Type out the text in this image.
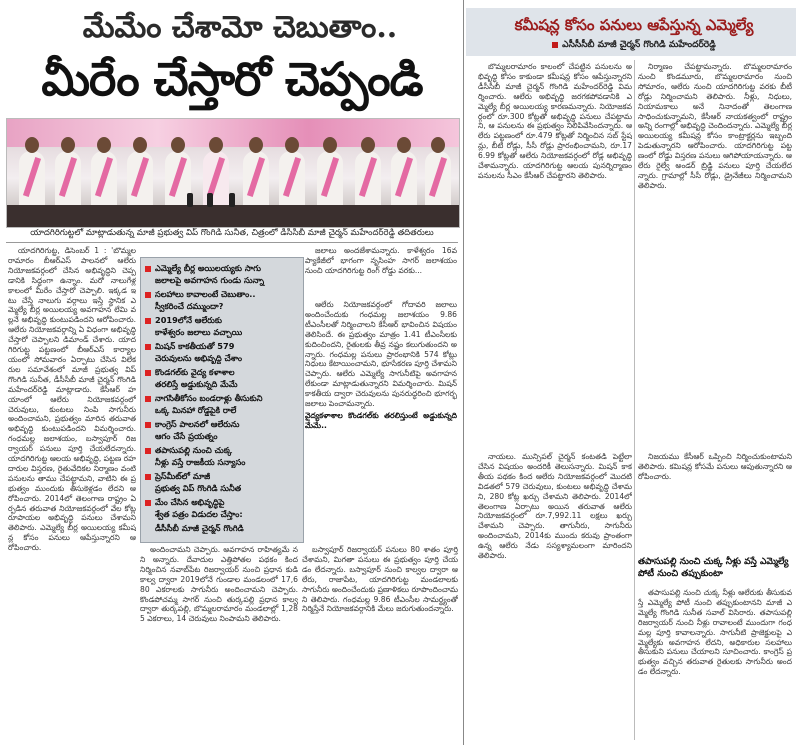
మేమేం చేశామో చెబుతాం..
మీరేం చేస్తారో చెప్పండి
యాదగిరిగుట్టలో మాట్లాడుతున్న మాజీ ప్రభుత్వ విప్ గొంగిడి సునీత, చిత్రంలో డీసీసీబీ మాజీ చైర్మన్ మహేందర్‌రెడ్డి తదితరులు

యాదగిరిగుట్ట, డిసెంబర్ 1 : 'బొమ్మలరామారం బీఆర్ఎస్ పాలనలో ఆలేరు నియోజకవర్గంలో చేసిన అభివృద్ధిని చెప్పడానికి సిద్ధంగా ఉన్నాం. మరో నాలుగేళ్ల కాలంలో మీరేం చేస్తారో చెప్పాలి. ఇక్కడ ఇటు చేస్తే నాలుగు వర్గాలు ఇస్తే స్థానిక ఎమ్మెల్యే బీర్ల అయిలయ్య అవగాహన లేమి వల్లనే అభివృద్ధి కుంటుపడిందని ఆరోపించారు. ఆలేరు నియోజకవర్గాన్ని ఏ విధంగా అభివృద్ధి చేస్తారో చెప్పాలని డిమాండ్ చేశారు. యాదగిరిగుట్ట పట్టణంలో బీఆర్ఎస్ కార్యాలయంలో సోమవారం ఏర్పాటు చేసిన విలేకరుల సమావేశంలో మాజీ ప్రభుత్వ విప్ గొంగిడి సునీత, డీసీసీబీ మాజీ చైర్మన్ గొంగిడి మహేందర్‌రెడ్డి మాట్లాడారు. కేసీఆర్ హయాంలో ఆలేరు నియోజకవర్గంలో చెరువులు, కుంటలు నింపి సాగునీరు అందించామని, ప్రభుత్వం మారిన తరువాత అభివృద్ధి కుంటుపడిందని విమర్శించారు. గంధమల్ల జలాశయం, బస్వాపూర్ రిజర్వాయర్ పనులు పూర్తి చేయలేదన్నారు. యాదగిరిగుట్ట ఆలయ అభివృద్ధి, పట్టణ రహదారుల విస్తరణ, రైతువేదికల నిర్మాణం వంటి పనులను తాము చేపట్టామని, వాటిని ఈ ప్రభుత్వం ముందుకు తీసుకెళ్లడం లేదని ఆరోపించారు. 2014లో తెలంగాణ రాష్ట్రం ఏర్పడిన తరువాత నియోజకవర్గంలో వేల కోట్ల రూపాయల అభివృద్ధి పనులు చేశామని తెలిపారు. ఎమ్మెల్యే బీర్ల అయిలయ్య కమీషన్ల కోసం పనులు ఆపేస్తున్నారని ఆరోపించారు.

జలాలు అందజేశామన్నారు. కాళేశ్వరం 16వ ప్యాకేజీలో భాగంగా నృసింహ సాగర్ జలాశయం నుంచి యాదగిరిగుట్ట రింగ్ రోడ్డు వరకు...

ఎమ్మెల్యే బీర్ల అయిలయ్యకు సాగు
జలాలపై అవగాహన గుండు సున్నా
సలహాలు కావాలంటే చెబుతాం..
స్వీకరించే దమ్ముందా?
2019లోనే ఆలేరుకు
కాళేశ్వరం జలాలు వచ్చాయి
మిషన్ కాకతీయతో 579
చెరువులను అభివృద్ధి చేశాం
కొండగల్‌కు వైద్య కళాశాల
తరలిస్తే అడ్డుకున్నది మేమే
నాగసితీకోసం బండరాళ్లు తీసుకుని
ఒక్క మినహా రోడ్డపైకి రాలే
కాంగ్రెస్ పాలనలో ఆలేరును
ఆగం చేసే ప్రయత్నం
తపాసుపల్లి నుంచి చుక్క
నీళ్లు వస్తే రాజకీయ సన్యాసం
ప్రెస్‌మీట్‌లో మాజీ
ప్రభుత్వ విప్ గొంగిడి సునీత
మేం చేసిన అభివృద్ధిపై
శ్వేత పత్రం విడుదల చేస్తాం:
డీసీసీబీ మాజీ చైర్మన్ గొంగిడి

ఆలేరు నియోజకవర్గంలో గోదావరి జలాలు అందించేందుకు గంధమల్ల జలాశయం 9.86 టీఎంసీలతో నిర్మించాలని కేసీఆర్ భావించిన విషయం తెలిసిందే. ఈ ప్రభుత్వం మాత్రం 1.41 టీఎంసీలకు కుదించిందని, రైతులకు తీవ్ర నష్టం కలుగుతుందని అన్నారు. గంధమల్ల పనులు ప్రారంభానికి 574 కోట్లు నిధులు కేటాయించామని, భూసేకరణ పూర్తి చేశామని చెప్పారు. ఆలేరు ఎమ్మెల్యే సాగునీటిపై అవగాహన లేకుండా మాట్లాడుతున్నారని విమర్శించారు. మిషన్ కాకతీయ ద్వారా చెరువులను పునరుద్ధరించి భూగర్భ జలాలు పెంచామన్నారు.

వైద్యకళాశాల కొండగల్‌కు తరలిస్తుంటే అడ్డుకున్నది మేమే..

అందించామని చెప్పారు. అవగాహన రాహిత్యమే నని అన్నారు. దేవాదుల ఎత్తిపోతల పథకం కింద నిర్మించిన నవాబ్‌పేట రిజర్వాయర్ నుంచి ప్రధాన కుడి కాల్వ ద్వారా 2019లోనే గుండాల మండలంలో 17,680 ఎకరాలకు సాగునీరు అందించామని చెప్పారు. కొండపోచమ్మ సాగర్ నుంచి తుర్కపల్లి ప్రధాన కాల్వ ద్వారా తుర్కపల్లి, బొమ్మలరామారం మండలాల్లో 1,285 ఎకరాలు, 14 చెరువులు నింపామని తెలిపారు.

బస్వాపూర్ రిజర్వాయర్ పనులు 80 శాతం పూర్తి చేశామని, మిగతా పనులు ఈ ప్రభుత్వం పూర్తి చేయడం లేదన్నారు. బస్వాపూర్ నుంచి కాల్వల ద్వారా ఆలేరు, రాజాపేట, యాదగిరిగుట్ట మండలాలకు సాగునీరు అందించేందుకు ప్రణాళికలు రూపొందించామని తెలిపారు. గంధమల్ల 9.86 టీఎంసీల సామర్థ్యంతో నిర్మిస్తేనే నియోజకవర్గానికి మేలు జరుగుతుందన్నారు.

కమీషన్ల కోసం పనులు ఆపేస్తున్న ఎమ్మెల్యే
ఎసీసీసీబీ మాజీ చైర్మన్ గొంగిడి మహేందర్‌రెడ్డి

బొమ్మలరామారం కాలంలో చేపట్టిన పనులను అభివృద్ధి కోసం కాకుండా కమీషన్ల కోసం ఆపేస్తున్నారని డీసీసీబీ మాజీ చైర్మన్ గొంగిడి మహేందర్‌రెడ్డి విమర్శించారు. ఆలేరు అభివృద్ధి జరగకపోవడానికి ఎమ్మెల్యే బీర్ల అయిలయ్య కారణమన్నారు. నియోజకవర్గంలో రూ.300 కోట్లతో అభివృద్ధి పనులు చేపట్టామని, ఆ పనులను ఈ ప్రభుత్వం నిలిపివేసిందన్నారు. ఆలేరు పట్టణంలో రూ.479 కోట్లతో నిర్మించిన సబ్ స్టేషన్లు, బీటీ రోడ్లు, సీసీ రోడ్లు ప్రారంభించామని, రూ.176.99 కోట్లతో ఆలేరు నియోజకవర్గంలో రోడ్ల అభివృద్ధి చేశామన్నారు. యాదగిరిగుట్ట ఆలయ పునర్నిర్మాణం పనులను సీఎం కేసీఆర్ చేపట్టారని తెలిపారు.

నిర్మాణం చేపట్టామన్నారు. బొమ్మలరామారం నుంచి కొండమూరు, బొమ్మలరామారం నుంచి సోమారం, ఆలేరు నుంచి యాదగిరిగుట్ట వరకు బీటీ రోడ్లు నిర్మించామని తెలిపారు. నీళ్లు, నిధులు, నియామకాలు అనే నినాదంతో తెలంగాణ సాధించుకున్నామని, కేసీఆర్ నాయకత్వంలో రాష్ట్రం అన్ని రంగాల్లో అభివృద్ధి చెందిందన్నారు. ఎమ్మెల్యే బీర్ల అయిలయ్య కమీషన్ల కోసం కాంట్రాక్టర్లను ఇబ్బంది పెడుతున్నారని ఆరోపించారు. యాదగిరిగుట్ట పట్టణంలో రోడ్డు విస్తరణ పనులు ఆగిపోయాయన్నారు. ఆలేరు రైల్వే అండర్ బ్రిడ్జి పనులు పూర్తి చేయలేదన్నారు. గ్రామాల్లో సీసీ రోడ్లు, డ్రైనేజీలు నిర్మించామని తెలిపారు.

నాయలు. మున్సిపల్ చైర్మన్ కంటతడి పెట్టేలా చేసిన విషయం అందరికీ తెలుసన్నారు. మిషన్ కాకతీయ పథకం కింద ఆలేరు నియోజకవర్గంలో మొదటి విడతలో 579 చెరువులు, కుంటలు అభివృద్ధి చేశామని, 280 కోట్ల ఖర్చు చేశామని తెలిపారు. 2014లో తెలంగాణ ఏర్పాటు అయిన తరువాత ఆలేరు నియోజకవర్గంలో రూ.7,992.11 లక్షలు ఖర్చు చేశామని చెప్పారు. తాగునీరు, సాగునీరు అందించామని, 2014కు ముందు కరువు ప్రాంతంగా ఉన్న ఆలేరు నేడు సస్యశ్యామలంగా మారిందని తెలిపారు.

నిజయము కేసీఆర్ ఒప్పించి నిర్మించుకుంటామని తెలిపారు. కమిషన్ల కోసమే పనులు ఆపుతున్నారని ఆరోపించారు.

తపాసుపల్లి నుంచి చుక్క నీళ్లు వస్తే ఎమ్మెల్యే పోటీ నుంచి తప్పుకుంటా

తపాసుపల్లి నుంచి చుక్క నీళ్లు ఆలేరుకు తీసుకువస్తే ఎమ్మెల్యే పోటీ నుంచి తప్పుకుంటానని మాజీ ఎమ్మెల్యే గొంగిడి సునీత సవాల్ విసిరారు. తపాసుపల్లి రిజర్వాయర్ నుంచి నీళ్లు రావాలంటే ముందుగా గంధమల్ల పూర్తి కావాలన్నారు. సాగునీటి ప్రాజెక్టులపై ఎమ్మెల్యేకు అవగాహన లేదని, అధికారుల సలహాలు తీసుకుని పనులు చేయాలని సూచించారు. కాంగ్రెస్ ప్రభుత్వం వచ్చిన తరువాత రైతులకు సాగునీరు అందడం లేదన్నారు.
